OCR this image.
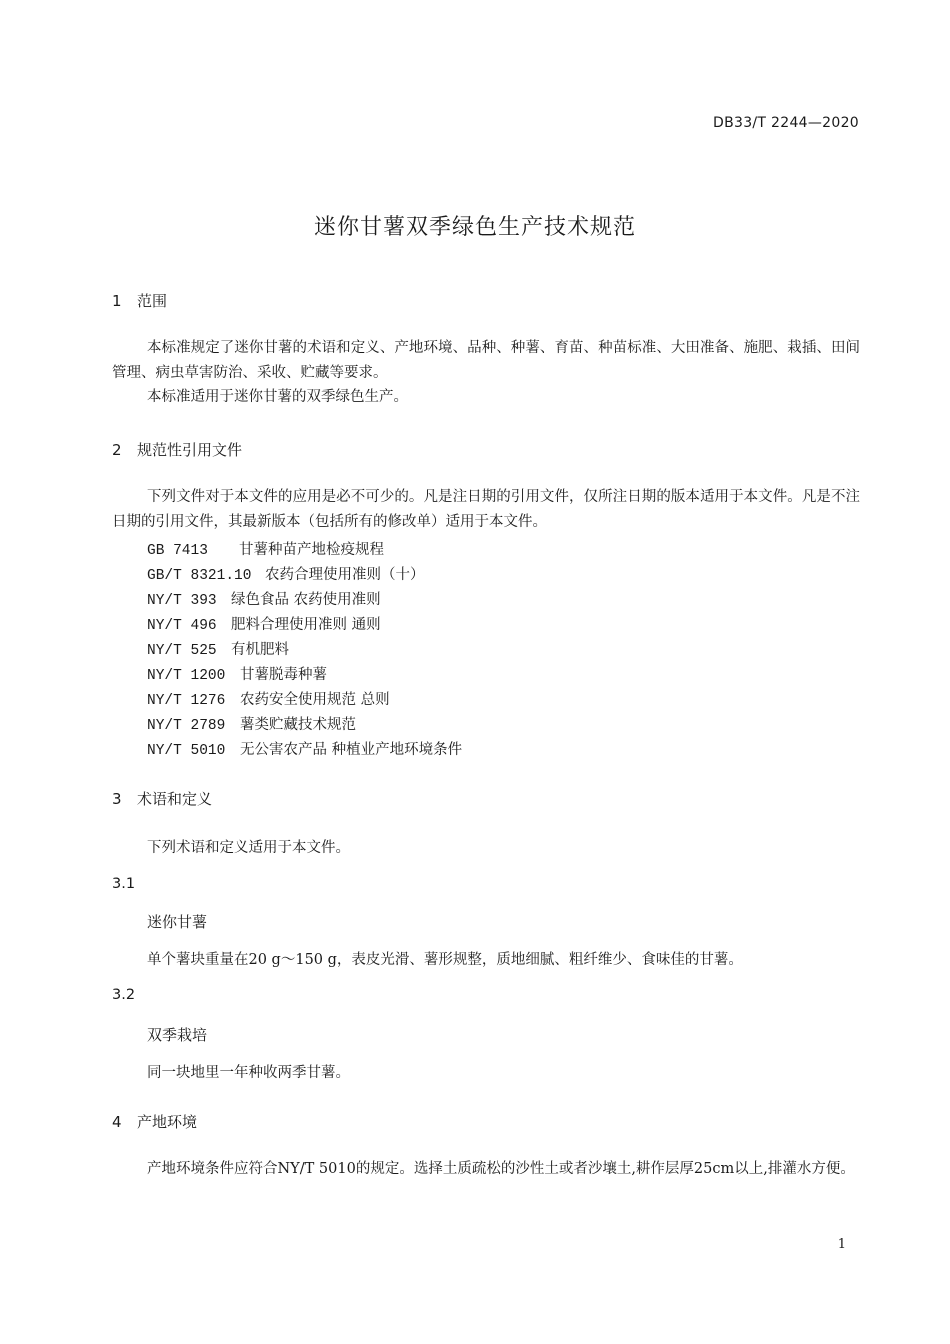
DB33/T 2244—2020
迷你甘薯双季绿色生产技术规范
1 范围
本标准规定了迷你甘薯的术语和定义、产地环境、品种、种薯、育苗、种苗标准、大田准备、施肥、栽插、田间管理、病虫草害防治、采收、贮藏等要求。
本标准适用于迷你甘薯的双季绿色生产。
2 规范性引用文件
下列文件对于本文件的应用是必不可少的。凡是注日期的引用文件，仅所注日期的版本适用于本文件。凡是不注日期的引用文件，其最新版本（包括所有的修改单）适用于本文件。
GB 7413 甘薯种苗产地检疫规程
GB/T 8321.10 农药合理使用准则（十）
NY/T 393 绿色食品 农药使用准则
NY/T 496 肥料合理使用准则 通则
NY/T 525 有机肥料
NY/T 1200 甘薯脱毒种薯
NY/T 1276 农药安全使用规范 总则
NY/T 2789 薯类贮藏技术规范
NY/T 5010 无公害农产品 种植业产地环境条件
3 术语和定义
下列术语和定义适用于本文件。
3.1
迷你甘薯
单个薯块重量在20 g～150 g，表皮光滑、薯形规整，质地细腻、粗纤维少、食味佳的甘薯。
3.2
双季栽培
同一块地里一年种收两季甘薯。
4 产地环境
产地环境条件应符合NY/T 5010的规定。选择土质疏松的沙性土或者沙壤土,耕作层厚25cm以上,排灌水方便。
1
